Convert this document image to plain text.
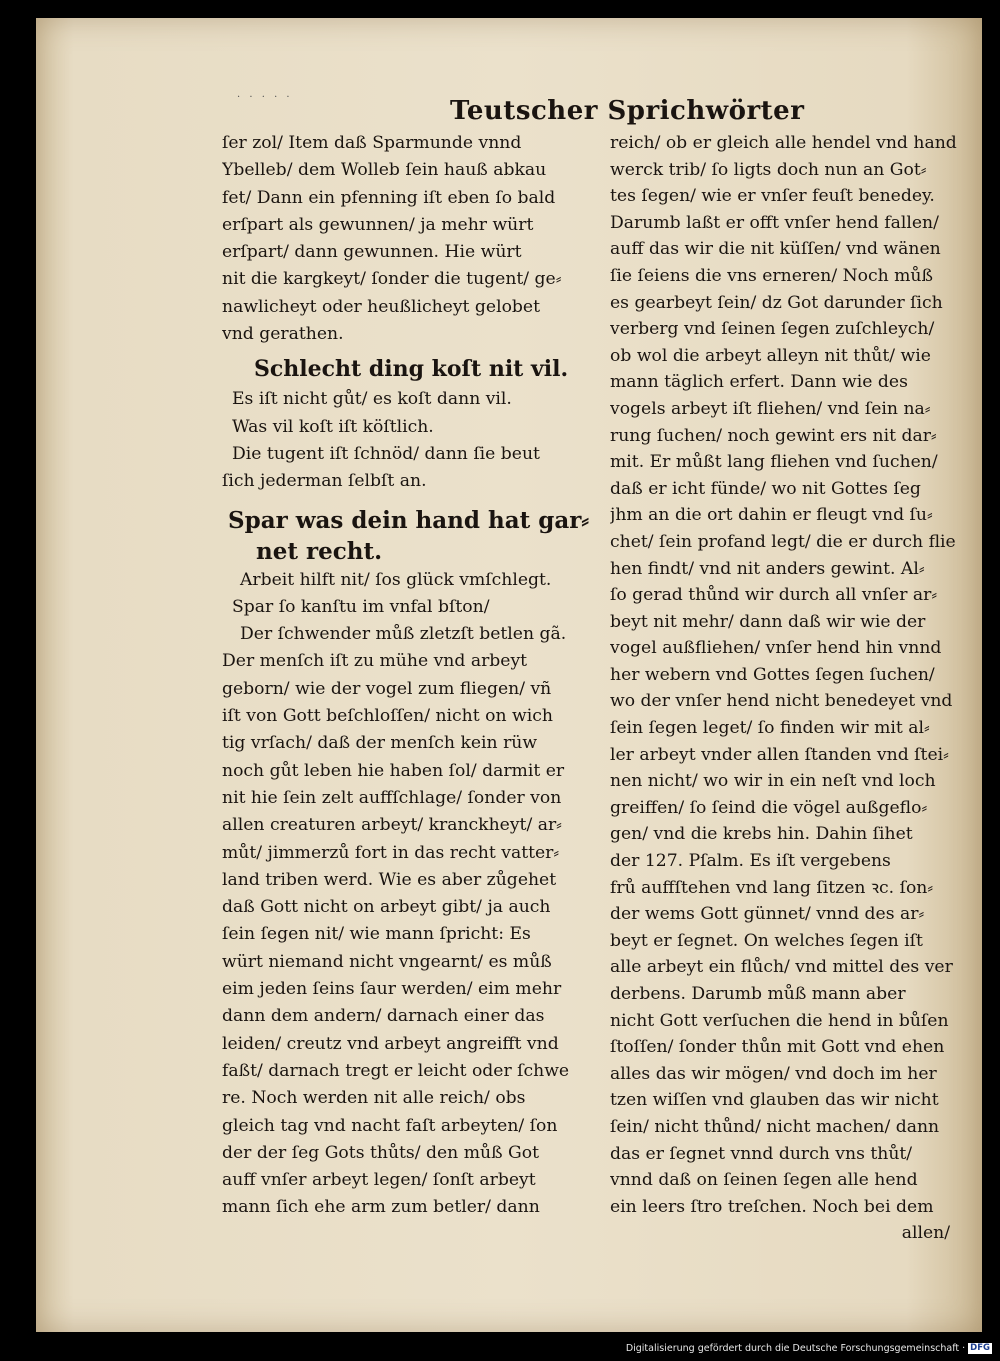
· · · · ·	Teutscher Sprichwörter
ſer zol/ Item daß Sparmunde vnnd
Ybelleb/ dem Wolleb ſein hauß abkau
fet/ Dann ein pfenning iſt eben ſo bald
erſpart als gewunnen/ ja mehr würt
erſpart/ dann gewunnen. Hie würt
nit die kargkeyt/ ſonder die tugent/ ge⸗
nawlicheyt oder heußlicheyt gelobet
vnd gerathen.
Schlecht ding koſt nit vil.
Es iſt nicht gůt/ es koſt dann vil.
Was vil koſt iſt köſtlich.
Die tugent iſt ſchnöd/ dann ſie beut
ſich jederman ſelbſt an.
Spar was dein hand hat gar⸗
net recht.
Arbeit hilft nit/ ſos glück vmſchlegt.
Spar ſo kanſtu im vnfal bſton/
Der ſchwender můß zletzſt betlen gã.
Der menſch iſt zu mühe vnd arbeyt
geborn/ wie der vogel zum fliegen/ vñ
iſt von Gott beſchloſſen/ nicht on wich
tig vrſach/ daß der menſch kein rüw
noch gůt leben hie haben ſol/ darmit er
nit hie ſein zelt auffſchlage/ ſonder von
allen creaturen arbeyt/ kranckheyt/ ar⸗
můt/ jimmerzů fort in das recht vatter⸗
land triben werd. Wie es aber zůgehet
daß Gott nicht on arbeyt gibt/ ja auch
ſein ſegen nit/ wie mann ſpricht: Es
würt niemand nicht vngearnt/ es můß
eim jeden ſeins ſaur werden/ eim mehr
dann dem andern/ darnach einer das
leiden/ creutz vnd arbeyt angreifft vnd
faßt/ darnach tregt er leicht oder ſchwe
re. Noch werden nit alle reich/ obs
gleich tag vnd nacht faſt arbeyten/ ſon
der der ſeg Gots thůts/ den můß Got
auff vnſer arbeyt legen/ ſonſt arbeyt
mann ſich ehe arm zum betler/ dann
reich/ ob er gleich alle hendel vnd hand
werck trib/ ſo ligts doch nun an Got⸗
tes ſegen/ wie er vnſer feuſt benedey.
Darumb laßt er offt vnſer hend fallen/
auff das wir die nit küſſen/ vnd wänen
ſie ſeiens die vns erneren/ Noch můß
es gearbeyt ſein/ dz Got darunder ſich
verberg vnd ſeinen ſegen zuſchleych/
ob wol die arbeyt alleyn nit thůt/ wie
mann täglich erfert. Dann wie des
vogels arbeyt iſt fliehen/ vnd ſein na⸗
rung ſuchen/ noch gewint ers nit dar⸗
mit. Er můßt lang fliehen vnd ſuchen/
daß er icht fünde/ wo nit Gottes ſeg
jhm an die ort dahin er fleugt vnd ſu⸗
chet/ ſein profand legt/ die er durch flie
hen findt/ vnd nit anders gewint. Al⸗
ſo gerad thůnd wir durch all vnſer ar⸗
beyt nit mehr/ dann daß wir wie der
vogel außfliehen/ vnſer hend hin vnnd
her webern vnd Gottes ſegen ſuchen/
wo der vnſer hend nicht benedeyet vnd
ſein ſegen leget/ ſo finden wir mit al⸗
ler arbeyt vnder allen ſtanden vnd ſtei⸗
nen nicht/ wo wir in ein neſt vnd loch
greiffen/ ſo ſeind die vögel außgeflo⸗
gen/ vnd die krebs hin. Dahin ſihet
der 127. Pſalm. Es iſt vergebens
frů auffſtehen vnd lang ſitzen ꝛc. ſon⸗
der wems Gott günnet/ vnnd des ar⸗
beyt er ſegnet. On welches ſegen iſt
alle arbeyt ein flůch/ vnd mittel des ver
derbens. Darumb můß mann aber
nicht Gott verſuchen die hend in bůſen
ſtoſſen/ ſonder thůn mit Gott vnd ehen
alles das wir mögen/ vnd doch im her
tzen wiſſen vnd glauben das wir nicht
ſein/ nicht thůnd/ nicht machen/ dann
das er ſegnet vnnd durch vns thůt/
vnnd daß on ſeinen ſegen alle hend
ein leers ſtro treſchen. Noch bei dem
allen/
Digitalisierung gefördert durch die Deutsche Forschungsgemeinschaft · DFG
